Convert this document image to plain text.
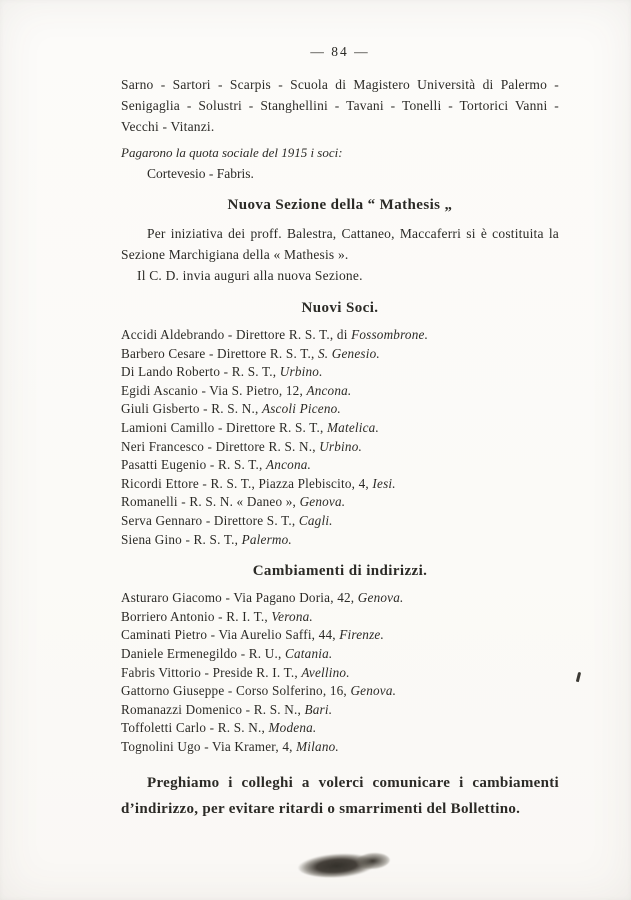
— 84 —

Sarno - Sartori - Scarpis - Scuola di Magistero Università di Palermo - Senigaglia - Solustri - Stanghellini - Tavani - Tonelli - Tortorici Vanni - Vecchi - Vitanzi.

Pagarono la quota sociale del 1915 i soci:

Cortevesio - Fabris.

Nuova Sezione della “ Mathesis „

Per iniziativa dei proff. Balestra, Cattaneo, Maccaferri si è costituita la Sezione Marchigiana della « Mathesis ».

Il C. D. invia auguri alla nuova Sezione.

Nuovi Soci.
Accidi Aldebrando - Direttore R. S. T., di Fossombrone.
Barbero Cesare - Direttore R. S. T., S. Genesio.
Di Lando Roberto - R. S. T., Urbino.
Egidi Ascanio - Via S. Pietro, 12, Ancona.
Giuli Gisberto - R. S. N., Ascoli Piceno.
Lamioni Camillo - Direttore R. S. T., Matelica.
Neri Francesco - Direttore R. S. N., Urbino.
Pasatti Eugenio - R. S. T., Ancona.
Ricordi Ettore - R. S. T., Piazza Plebiscito, 4, Iesi.
Romanelli - R. S. N. « Daneo », Genova.
Serva Gennaro - Direttore S. T., Cagli.
Siena Gino - R. S. T., Palermo.
Cambiamenti di indirizzi.
Asturaro Giacomo - Via Pagano Doria, 42, Genova.
Borriero Antonio - R. I. T., Verona.
Caminati Pietro - Via Aurelio Saffi, 44, Firenze.
Daniele Ermenegildo - R. U., Catania.
Fabris Vittorio - Preside R. I. T., Avellino.
Gattorno Giuseppe - Corso Solferino, 16, Genova.
Romanazzi Domenico - R. S. N., Bari.
Toffoletti Carlo - R. S. N., Modena.
Tognolini Ugo - Via Kramer, 4, Milano.

Preghiamo i colleghi a volerci comunicare i cambiamenti d’indirizzo, per evitare ritardi o smarrimenti del Bollettino.
